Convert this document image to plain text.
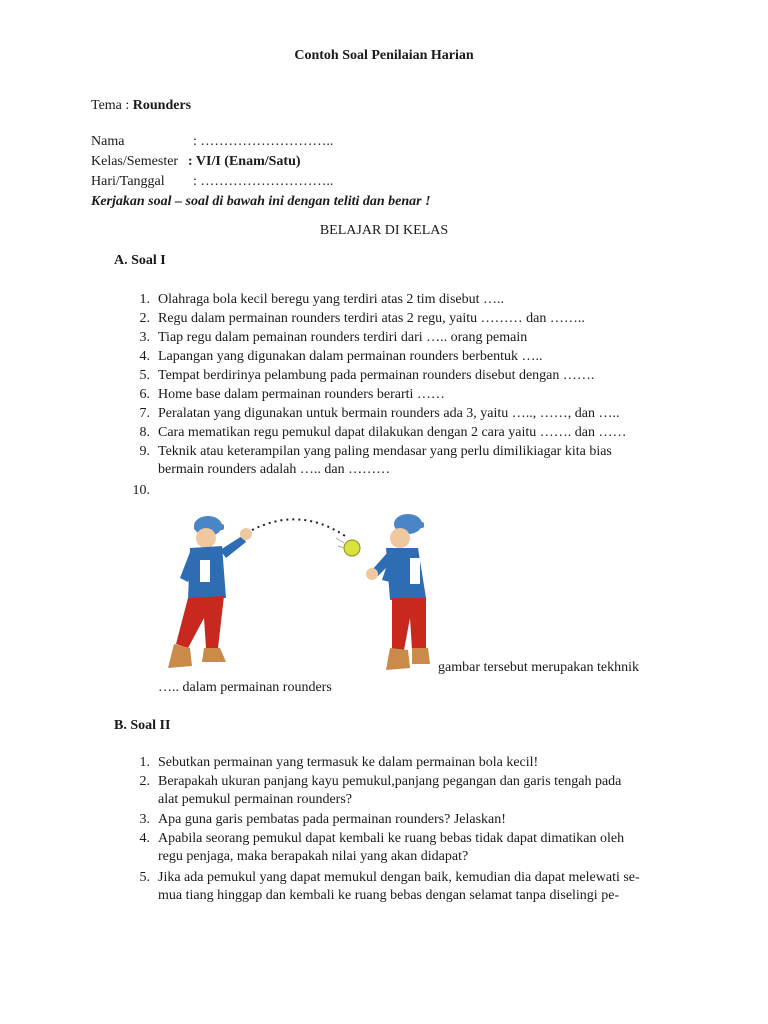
Contoh Soal Penilaian Harian
Tema : Rounders
Nama	: ………………………..
Kelas/Semester : VI/I (Enam/Satu)
Hari/Tanggal : ………………………..
Kerjakan soal – soal di bawah ini dengan teliti dan benar !
BELAJAR DI KELAS
A. Soal I
1. Olahraga bola kecil beregu yang terdiri atas 2 tim disebut …..
2. Regu dalam permainan rounders terdiri atas 2 regu, yaitu ……… dan ……..
3. Tiap regu dalam pemainan rounders terdiri dari ….. orang pemain
4. Lapangan yang digunakan dalam permainan rounders berbentuk …..
5. Tempat berdirinya pelambung pada permainan rounders disebut dengan …….
6. Home base dalam permainan rounders berarti ……
7. Peralatan yang digunakan untuk bermain rounders ada 3, yaitu ….., ……, dan …..
8. Cara mematikan regu pemukul dapat dilakukan dengan 2 cara yaitu ……. dan ……
9. Teknik atau keterampilan yang paling mendasar yang perlu dimilikiagar kita bias
bermain rounders adalah ….. dan ………
10.
gambar tersebut merupakan tekhnik
….. dalam permainan rounders
B. Soal II
1. Sebutkan permainan yang termasuk ke dalam permainan bola kecil!
2. Berapakah ukuran panjang kayu pemukul,panjang pegangan dan garis tengah pada
alat pemukul permainan rounders?
3. Apa guna garis pembatas pada permainan rounders? Jelaskan!
4. Apabila seorang pemukul dapat kembali ke ruang bebas tidak dapat dimatikan oleh
regu penjaga, maka berapakah nilai yang akan didapat?
5. Jika ada pemukul yang dapat memukul dengan baik, kemudian dia dapat melewati se-
mua tiang hinggap dan kembali ke ruang bebas dengan selamat tanpa diselingi pe-
